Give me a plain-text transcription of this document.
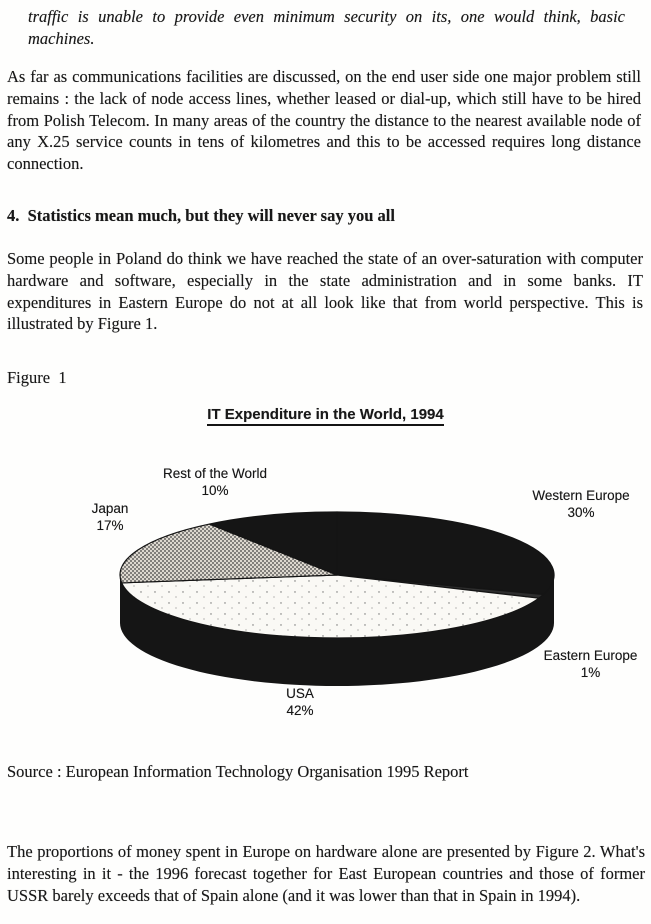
traffic is unable to provide even minimum security on its, one would think, basic machines.

As far as communications facilities are discussed, on the end user side one major problem still remains : the lack of node access lines, whether leased or dial-up, which still have to be hired from Polish Telecom. In many areas of the country the distance to the nearest available node of any X.25 service counts in tens of kilometres and this to be accessed requires long distance connection.

4.  Statistics mean much, but they will never say you all

Some people in Poland do think we have reached the state of an over-saturation with computer hardware and software, especially in the state administration and in some banks. IT expenditures in Eastern Europe do not at all look like that from world perspective. This is illustrated by Figure 1.

Figure  1

IT Expenditure in the World, 1994
Rest of the World
10%
Japan
17%
Western Europe
30%
Eastern Europe
1%
USA
42%

Source : European Information Technology Organisation 1995 Report

The proportions of money spent in Europe on hardware alone are presented by Figure 2. What's interesting in it - the 1996 forecast together for East European countries and those of former USSR barely exceeds that of Spain alone (and it was lower than that in Spain in 1994).
